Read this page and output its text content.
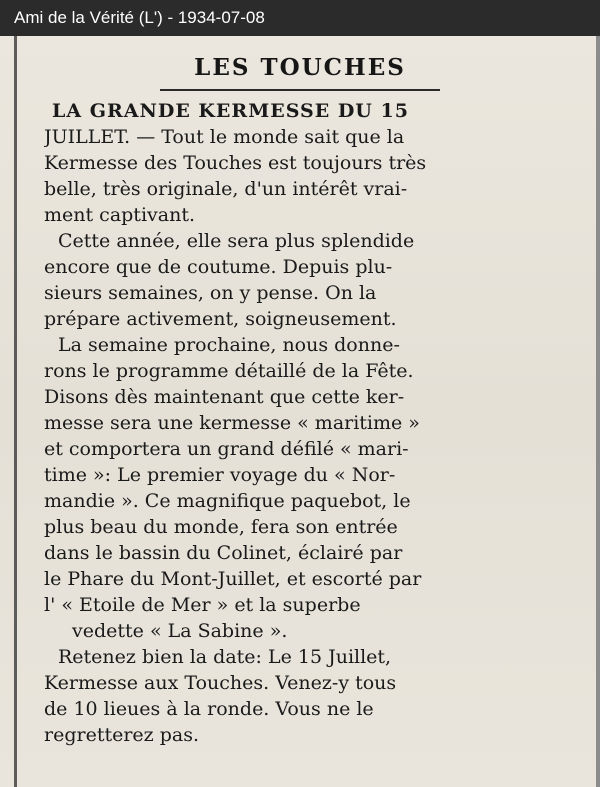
Ami de la Vérité (L') - 1934-07-08
LES TOUCHES
LA GRANDE KERMESSE DU 15
JUILLET. — Tout le monde sait que la
Kermesse des Touches est toujours très
belle, très originale, d'un intérêt vrai-
ment captivant.
Cette année, elle sera plus splendide
encore que de coutume. Depuis plu-
sieurs semaines, on y pense. On la
prépare activement, soigneusement.
La semaine prochaine, nous donne-
rons le programme détaillé de la Fête.
Disons dès maintenant que cette ker-
messe sera une kermesse « maritime »
et comportera un grand défilé « mari-
time »: Le premier voyage du « Nor-
mandie ». Ce magnifique paquebot, le
plus beau du monde, fera son entrée
dans le bassin du Colinet, éclairé par
le Phare du Mont-Juillet, et escorté par
l' « Etoile de Mer » et la superbe
vedette « La Sabine ».
Retenez bien la date: Le 15 Juillet,
Kermesse aux Touches. Venez-y tous
de 10 lieues à la ronde. Vous ne le
regretterez pas.
